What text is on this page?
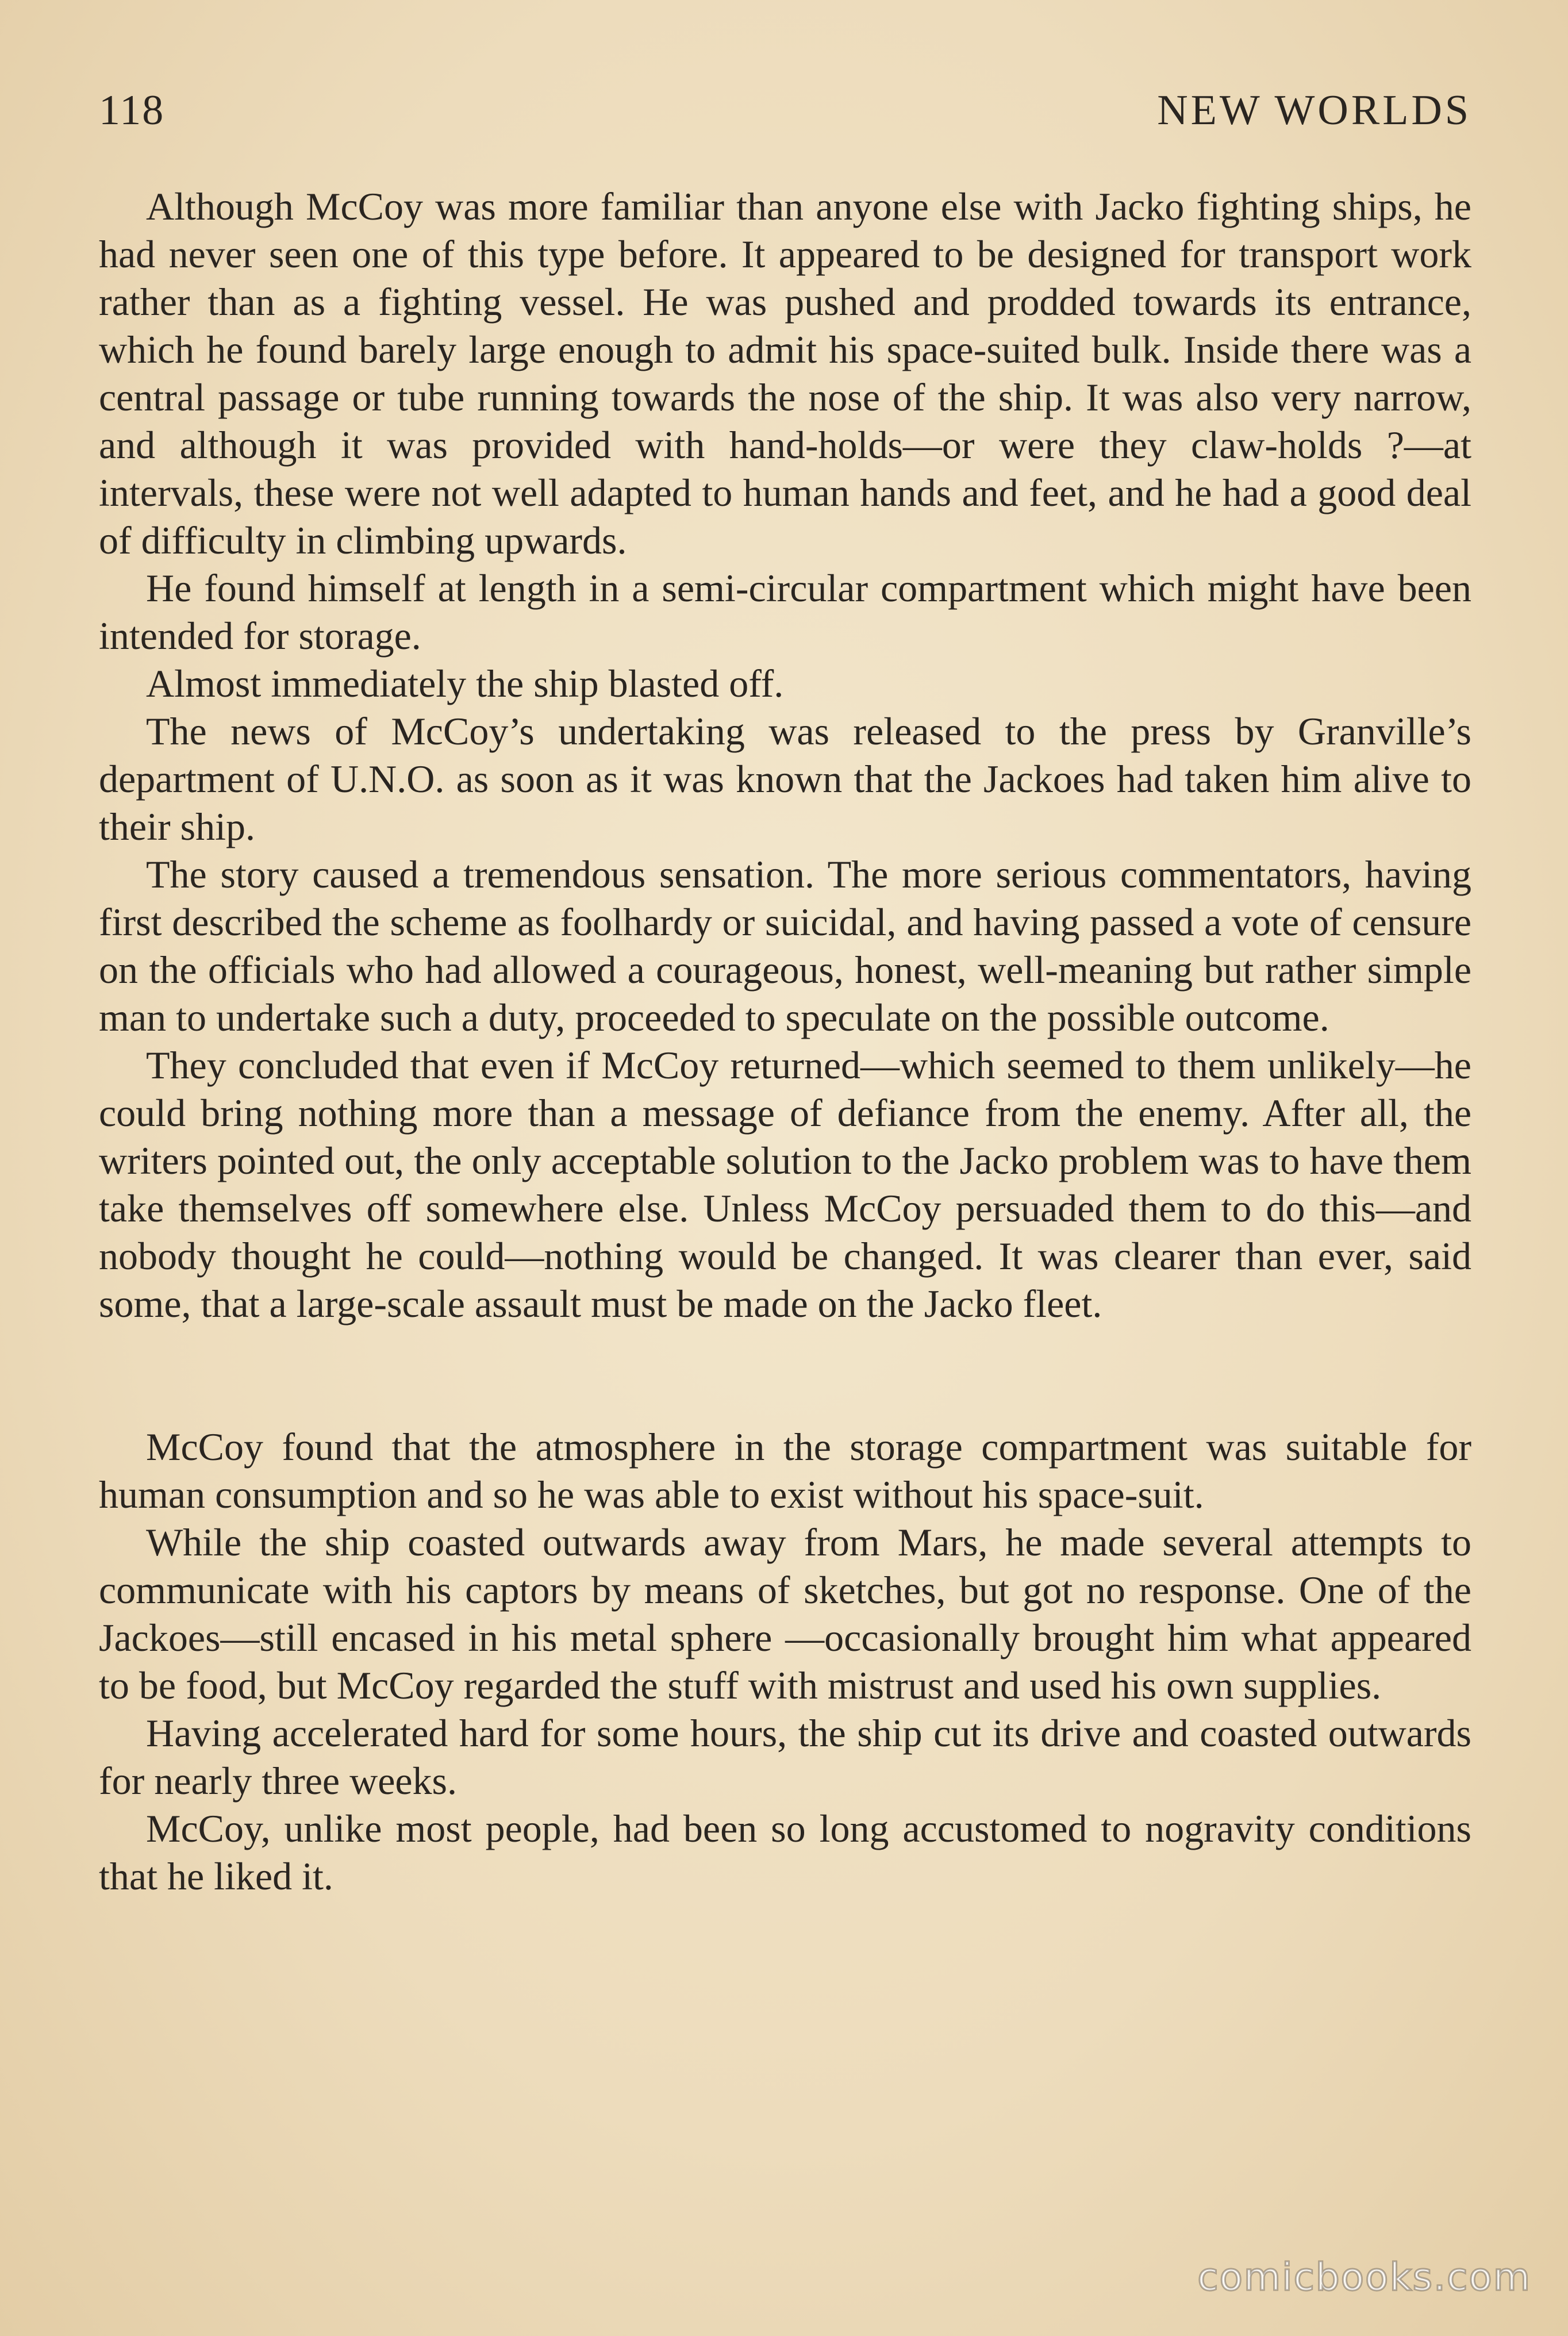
118	NEW WORLDS

Although McCoy was more familiar than anyone else with Jacko fighting ships, he had never seen one of this type before. It appeared to be designed for transport work rather than as a fighting vessel. He was pushed and prodded towards its entrance, which he found barely large enough to admit his space-suited bulk. Inside there was a central passage or tube running towards the nose of the ship. It was also very narrow, and although it was provided with hand-holds—or were they claw-holds ?—at intervals, these were not well adapted to human hands and feet, and he had a good deal of difficulty in climbing upwards.

He found himself at length in a semi-circular compartment which might have been intended for storage.

Almost immediately the ship blasted off.

The news of McCoy’s undertaking was released to the press by Granville’s department of U.N.O. as soon as it was known that the Jackoes had taken him alive to their ship.

The story caused a tremendous sensation. The more serious commentators, having first described the scheme as foolhardy or suicidal, and having passed a vote of censure on the officials who had allowed a courageous, honest, well-meaning but rather simple man to undertake such a duty, proceeded to speculate on the possible outcome.

They concluded that even if McCoy returned—which seemed to them unlikely—he could bring nothing more than a message of defiance from the enemy. After all, the writers pointed out, the only acceptable solution to the Jacko problem was to have them take themselves off somewhere else. Unless McCoy persuaded them to do this—and nobody thought he could—nothing would be changed. It was clearer than ever, said some, that a large-scale assault must be made on the Jacko fleet.

McCoy found that the atmosphere in the storage compartment was suitable for human consumption and so he was able to exist without his space-suit.

While the ship coasted outwards away from Mars, he made several attempts to communicate with his captors by means of sketches, but got no response. One of the Jackoes—still encased in his metal sphere —occasionally brought him what appeared to be food, but McCoy regarded the stuff with mistrust and used his own supplies.

Having accelerated hard for some hours, the ship cut its drive and coasted outwards for nearly three weeks.

McCoy, unlike most people, had been so long accustomed to nogravity conditions that he liked it.

comicbooks.com
